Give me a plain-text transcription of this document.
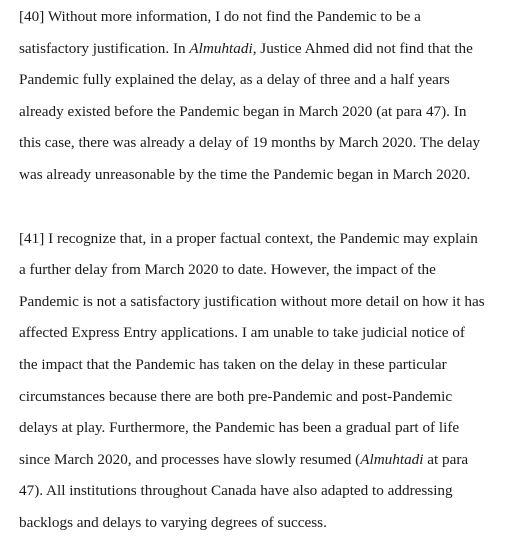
[40] Without more information, I do not find the Pandemic to be a
satisfactory justification. In Almuhtadi, Justice Ahmed did not find that the
Pandemic fully explained the delay, as a delay of three and a half years
already existed before the Pandemic began in March 2020 (at para 47). In
this case, there was already a delay of 19 months by March 2020. The delay
was already unreasonable by the time the Pandemic began in March 2020.

[41] I recognize that, in a proper factual context, the Pandemic may explain
a further delay from March 2020 to date. However, the impact of the
Pandemic is not a satisfactory justification without more detail on how it has
affected Express Entry applications. I am unable to take judicial notice of
the impact that the Pandemic has taken on the delay in these particular
circumstances because there are both pre-Pandemic and post-Pandemic
delays at play. Furthermore, the Pandemic has been a gradual part of life
since March 2020, and processes have slowly resumed (Almuhtadi at para
47). All institutions throughout Canada have also adapted to addressing
backlogs and delays to varying degrees of success.
